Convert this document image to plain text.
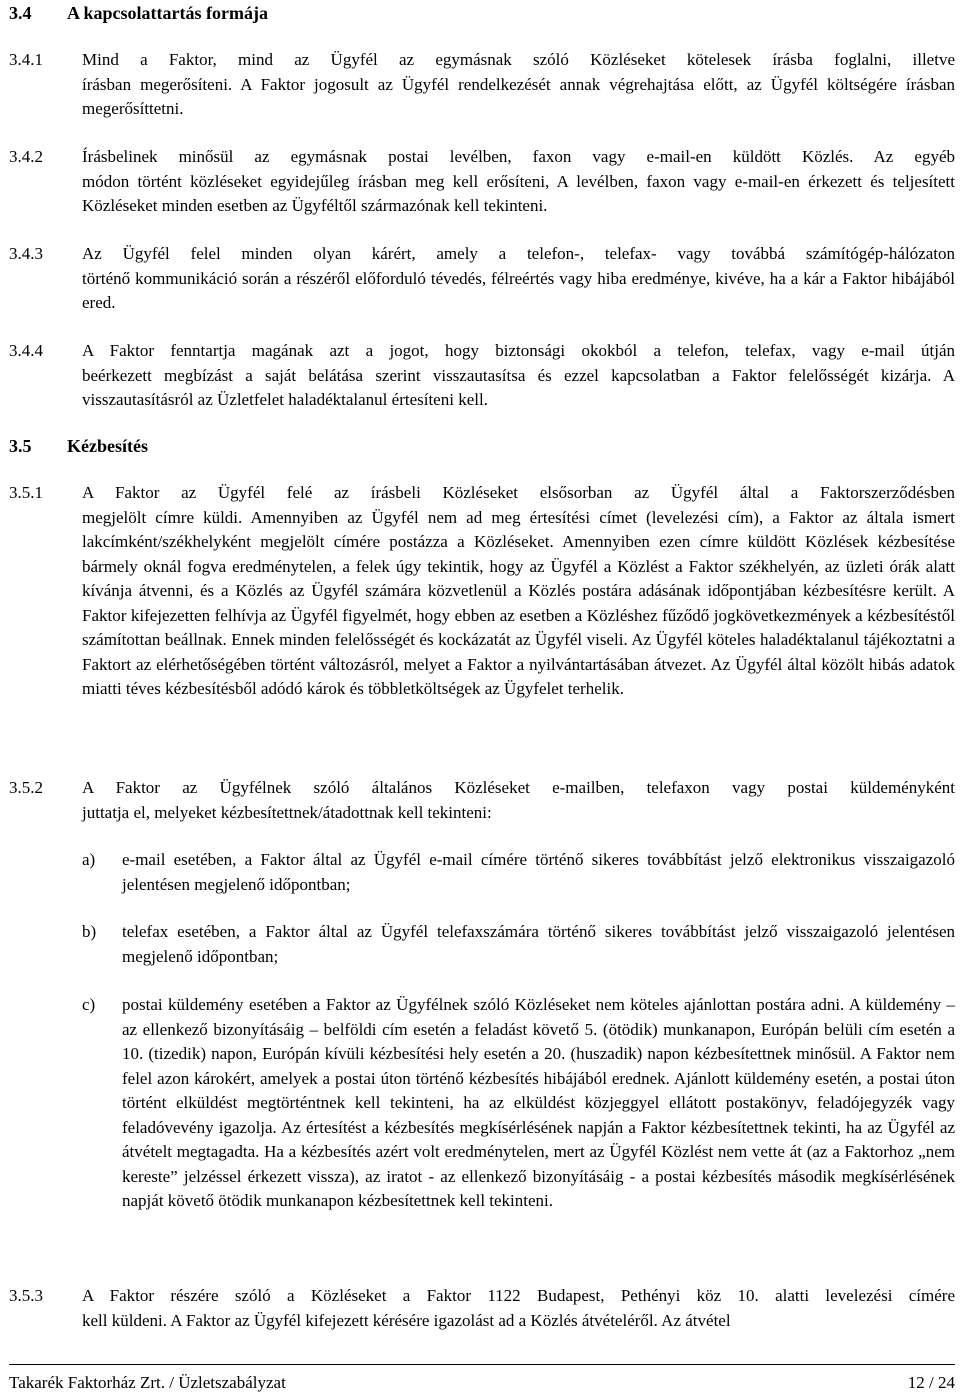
3.4	A kapcsolattartás formája
3.4.1 Mind a Faktor, mind az Ügyfél az egymásnak szóló Közléseket kötelesek írásba foglalni, illetve
írásban megerősíteni. A Faktor jogosult az Ügyfél rendelkezését annak végrehajtása előtt, az Ügyfél költségére írásban megerősíttetni.

3.4.2 Írásbelinek minősül az egymásnak postai levélben, faxon vagy e-mail-en küldött Közlés. Az egyéb
módon történt közléseket egyidejűleg írásban meg kell erősíteni, A levélben, faxon vagy e-mail-en érkezett és teljesített Közléseket minden esetben az Ügyféltől származónak kell tekinteni.

3.4.3 Az Ügyfél felel minden olyan kárért, amely a telefon-, telefax- vagy továbbá számítógép-hálózaton
történő kommunikáció során a részéről előforduló tévedés, félreértés vagy hiba eredménye, kivéve, ha a kár a Faktor hibájából ered.

3.4.4 A Faktor fenntartja magának azt a jogot, hogy biztonsági okokból a telefon, telefax, vagy e-mail útján
beérkezett megbízást a saját belátása szerint visszautasítsa és ezzel kapcsolatban a Faktor felelősségét kizárja. A visszautasításról az Üzletfelet haladéktalanul értesíteni kell.

3.5	Kézbesítés
3.5.1 A Faktor az Ügyfél felé az írásbeli Közléseket elsősorban az Ügyfél által a Faktorszerződésben
megjelölt címre küldi. Amennyiben az Ügyfél nem ad meg értesítési címet (levelezési cím), a Faktor az általa ismert lakcímként/székhelyként megjelölt címére postázza a Közléseket. Amennyiben ezen címre küldött Közlések kézbesítése bármely oknál fogva eredménytelen, a felek úgy tekintik, hogy az Ügyfél a Közlést a Faktor székhelyén, az üzleti órák alatt kívánja átvenni, és a Közlés az Ügyfél számára közvetlenül a Közlés postára adásának időpontjában kézbesítésre került. A Faktor kifejezetten felhívja az Ügyfél figyelmét, hogy ebben az esetben a Közléshez fűződő jogkövetkezmények a kézbesítéstől számítottan beállnak. Ennek minden felelősségét és kockázatát az Ügyfél viseli. Az Ügyfél köteles haladéktalanul tájékoztatni a Faktort az elérhetőségében történt változásról, melyet a Faktor a nyilvántartásában átvezet. Az Ügyfél által közölt hibás adatok miatti téves kézbesítésből adódó károk és többletköltségek az Ügyfelet terhelik.

3.5.2 A Faktor az Ügyfélnek szóló általános Közléseket e-mailben, telefaxon vagy postai küldeményként
juttatja el, melyeket kézbesítettnek/átadottnak kell tekinteni:

a) e-mail esetében, a Faktor által az Ügyfél e-mail címére történő sikeres továbbítást jelző elektronikus visszaigazoló jelentésen megjelenő időpontban;

b) telefax esetében, a Faktor által az Ügyfél telefaxszámára történő sikeres továbbítást jelző visszaigazoló jelentésen megjelenő időpontban;

c) postai küldemény esetében a Faktor az Ügyfélnek szóló Közléseket nem köteles ajánlottan postára adni. A küldemény – az ellenkező bizonyításáig – belföldi cím esetén a feladást követő 5. (ötödik) munkanapon, Európán belüli cím esetén a 10. (tizedik) napon, Európán kívüli kézbesítési hely esetén a 20. (huszadik) napon kézbesítettnek minősül. A Faktor nem felel azon károkért, amelyek a postai úton történő kézbesítés hibájából erednek. Ajánlott küldemény esetén, a postai úton történt elküldést megtörténtnek kell tekinteni, ha az elküldést közjeggyel ellátott postakönyv, feladójegyzék vagy feladóvevény igazolja. Az értesítést a kézbesítés megkísérlésének napján a Faktor kézbesítettnek tekinti, ha az Ügyfél az átvételt megtagadta. Ha a kézbesítés azért volt eredménytelen, mert az Ügyfél Közlést nem vette át (az a Faktorhoz „nem kereste” jelzéssel érkezett vissza), az iratot - az ellenkező bizonyításáig - a postai kézbesítés második megkísérlésének napját követő ötödik munkanapon kézbesítettnek kell tekinteni.

3.5.3 A Faktor részére szóló a Közléseket a Faktor 1122 Budapest, Pethényi köz 10. alatti levelezési címére
kell küldeni. A Faktor az Ügyfél kifejezett kérésére igazolást ad a Közlés átvételéről. Az átvétel

Takarék Faktorház Zrt. / Üzletszabályzat	12 / 24
